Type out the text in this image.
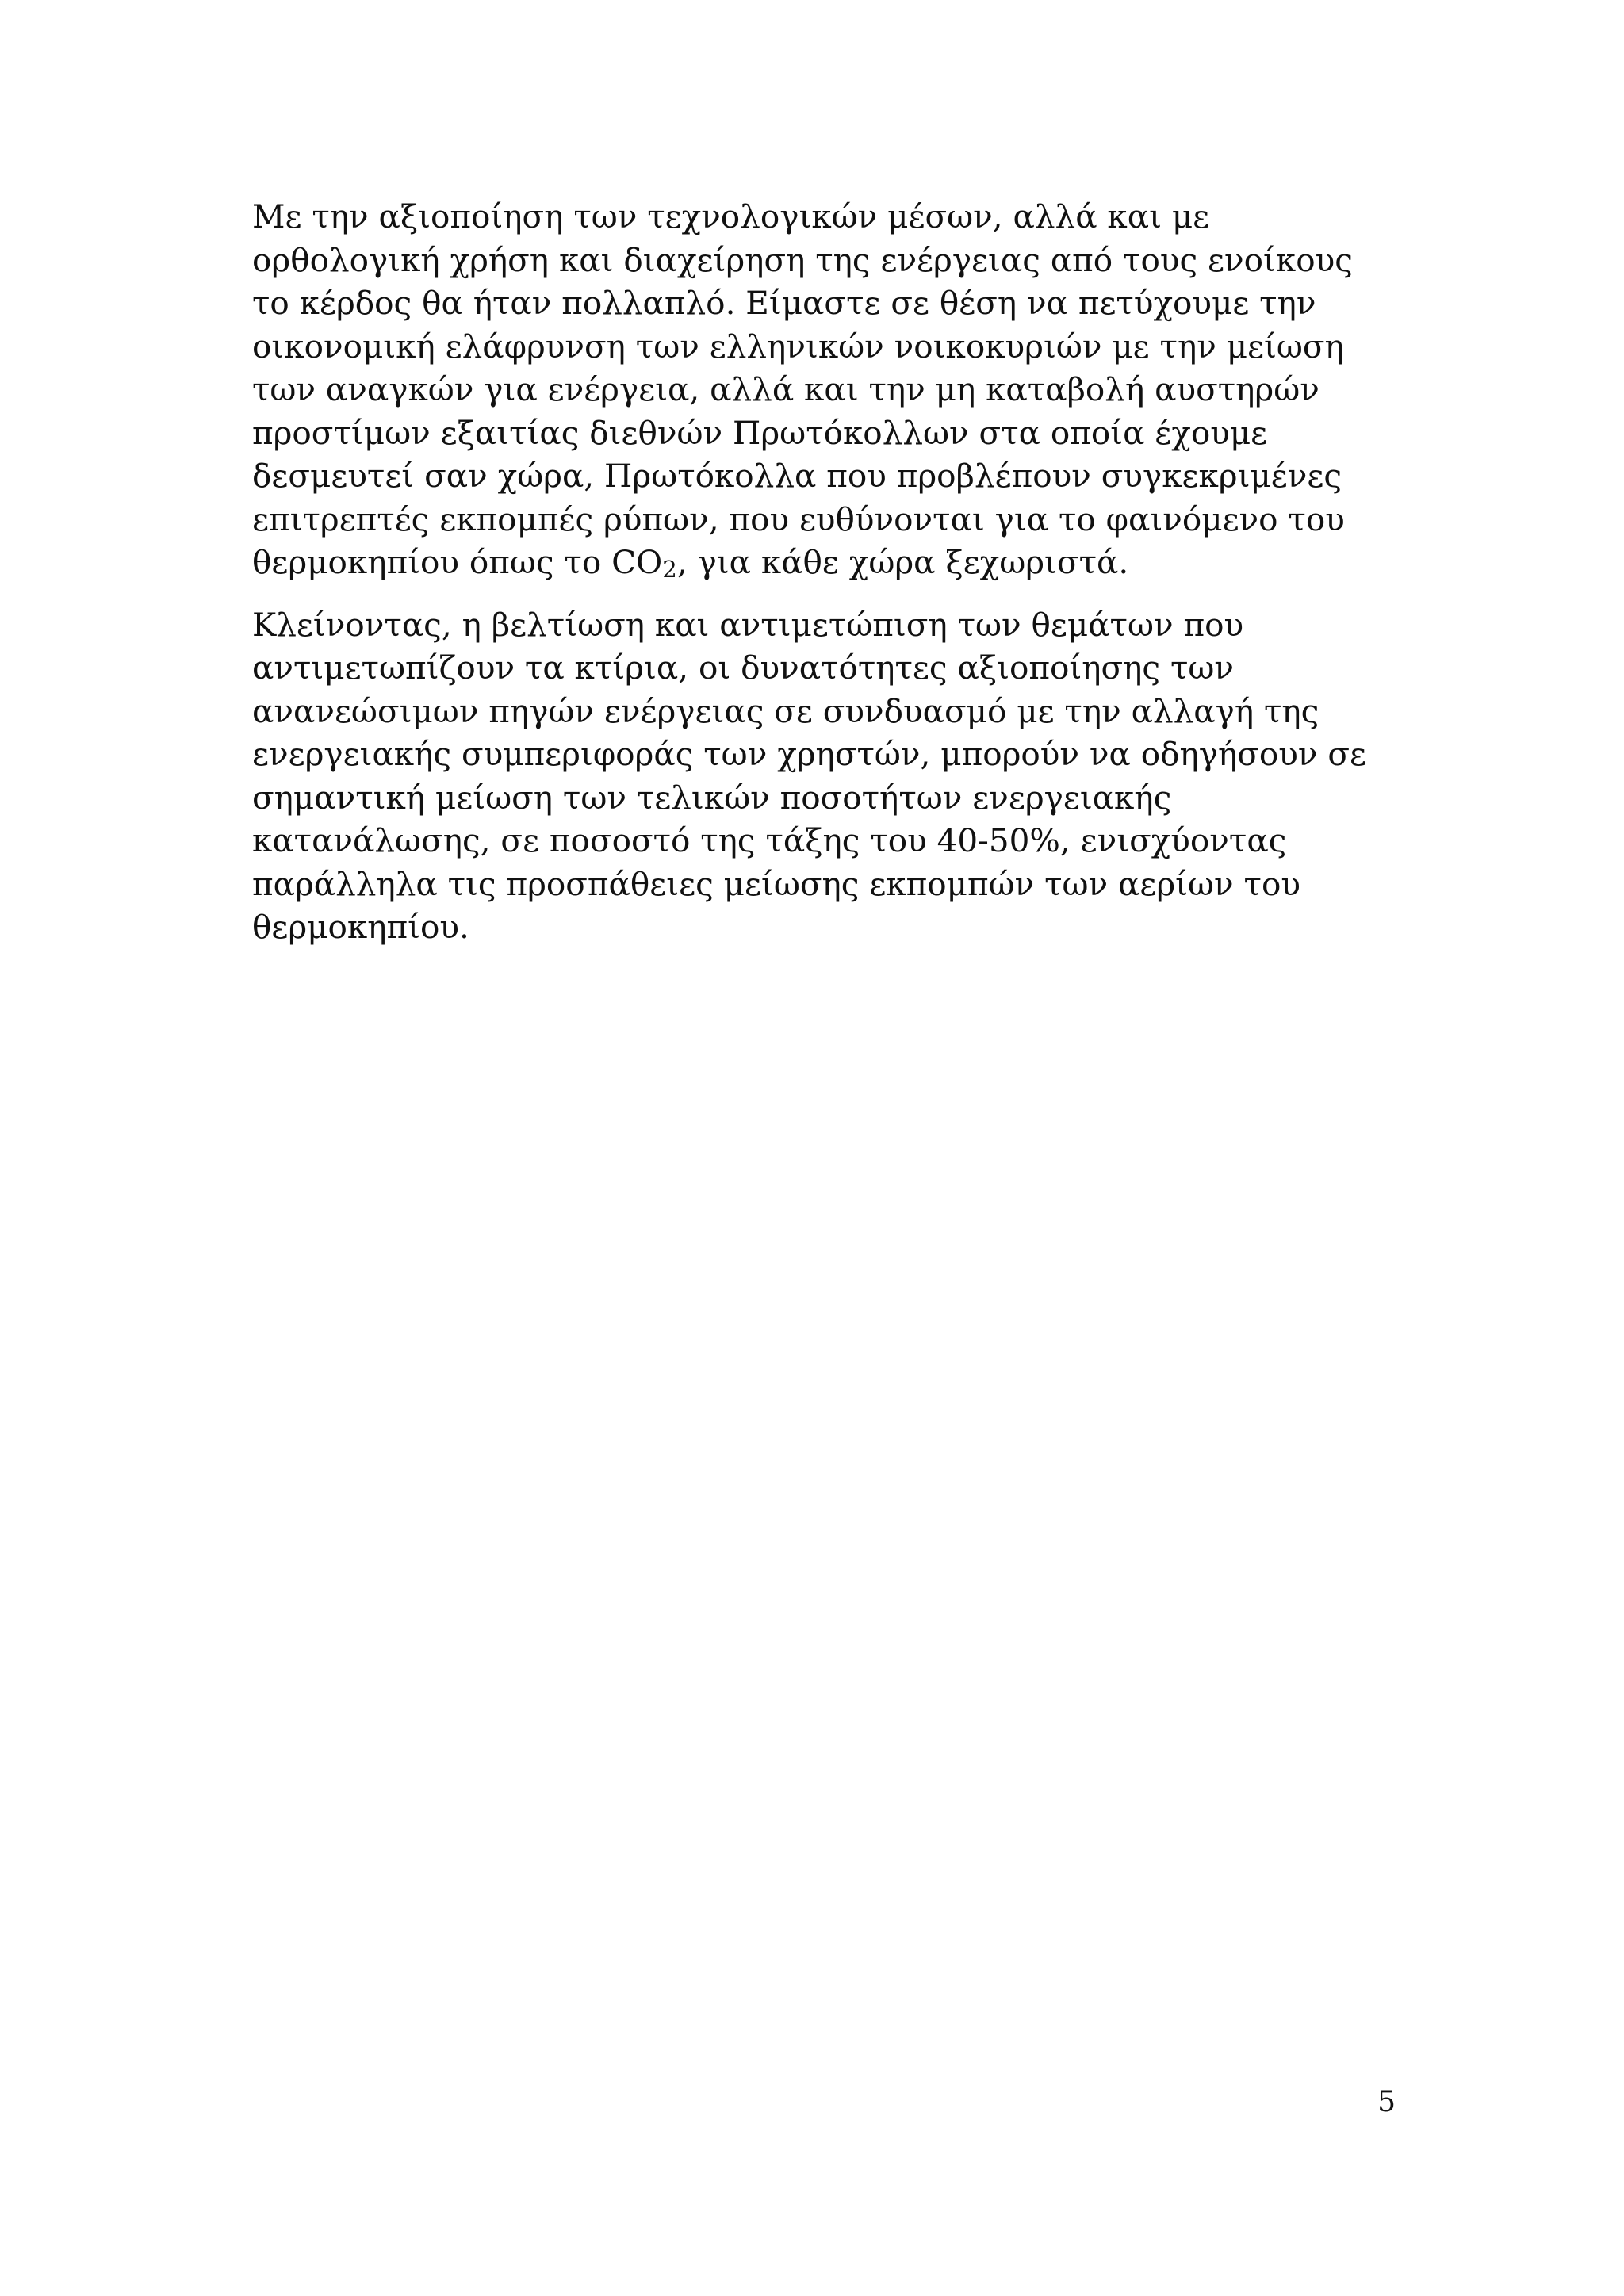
Με την αξιοποίηση των τεχνολογικών μέσων, αλλά και με
ορθολογική χρήση και διαχείρηση της ενέργειας από τους ενοίκους
το κέρδος θα ήταν πολλαπλό. Είμαστε σε θέση να πετύχουμε την
οικονομική ελάφρυνση των ελληνικών νοικοκυριών με την μείωση
των αναγκών για ενέργεια, αλλά και την μη καταβολή αυστηρών
προστίμων εξαιτίας διεθνών Πρωτόκολλων στα οποία έχουμε
δεσμευτεί σαν χώρα, Πρωτόκολλα που προβλέπουν συγκεκριμένες
επιτρεπτές εκπομπές ρύπων, που ευθύνονται για το φαινόμενο του
θερμοκηπίου όπως το CO2, για κάθε χώρα ξεχωριστά.

Κλείνοντας, η βελτίωση και αντιμετώπιση των θεμάτων που
αντιμετωπίζουν τα κτίρια, οι δυνατότητες αξιοποίησης των
ανανεώσιμων πηγών ενέργειας σε συνδυασμό με την αλλαγή της
ενεργειακής συμπεριφοράς των χρηστών, μπορούν να οδηγήσουν σε
σημαντική μείωση των τελικών ποσοτήτων ενεργειακής
κατανάλωσης, σε ποσοστό της τάξης του 40-50%, ενισχύοντας
παράλληλα τις προσπάθειες μείωσης εκπομπών των αερίων του
θερμοκηπίου.

5
